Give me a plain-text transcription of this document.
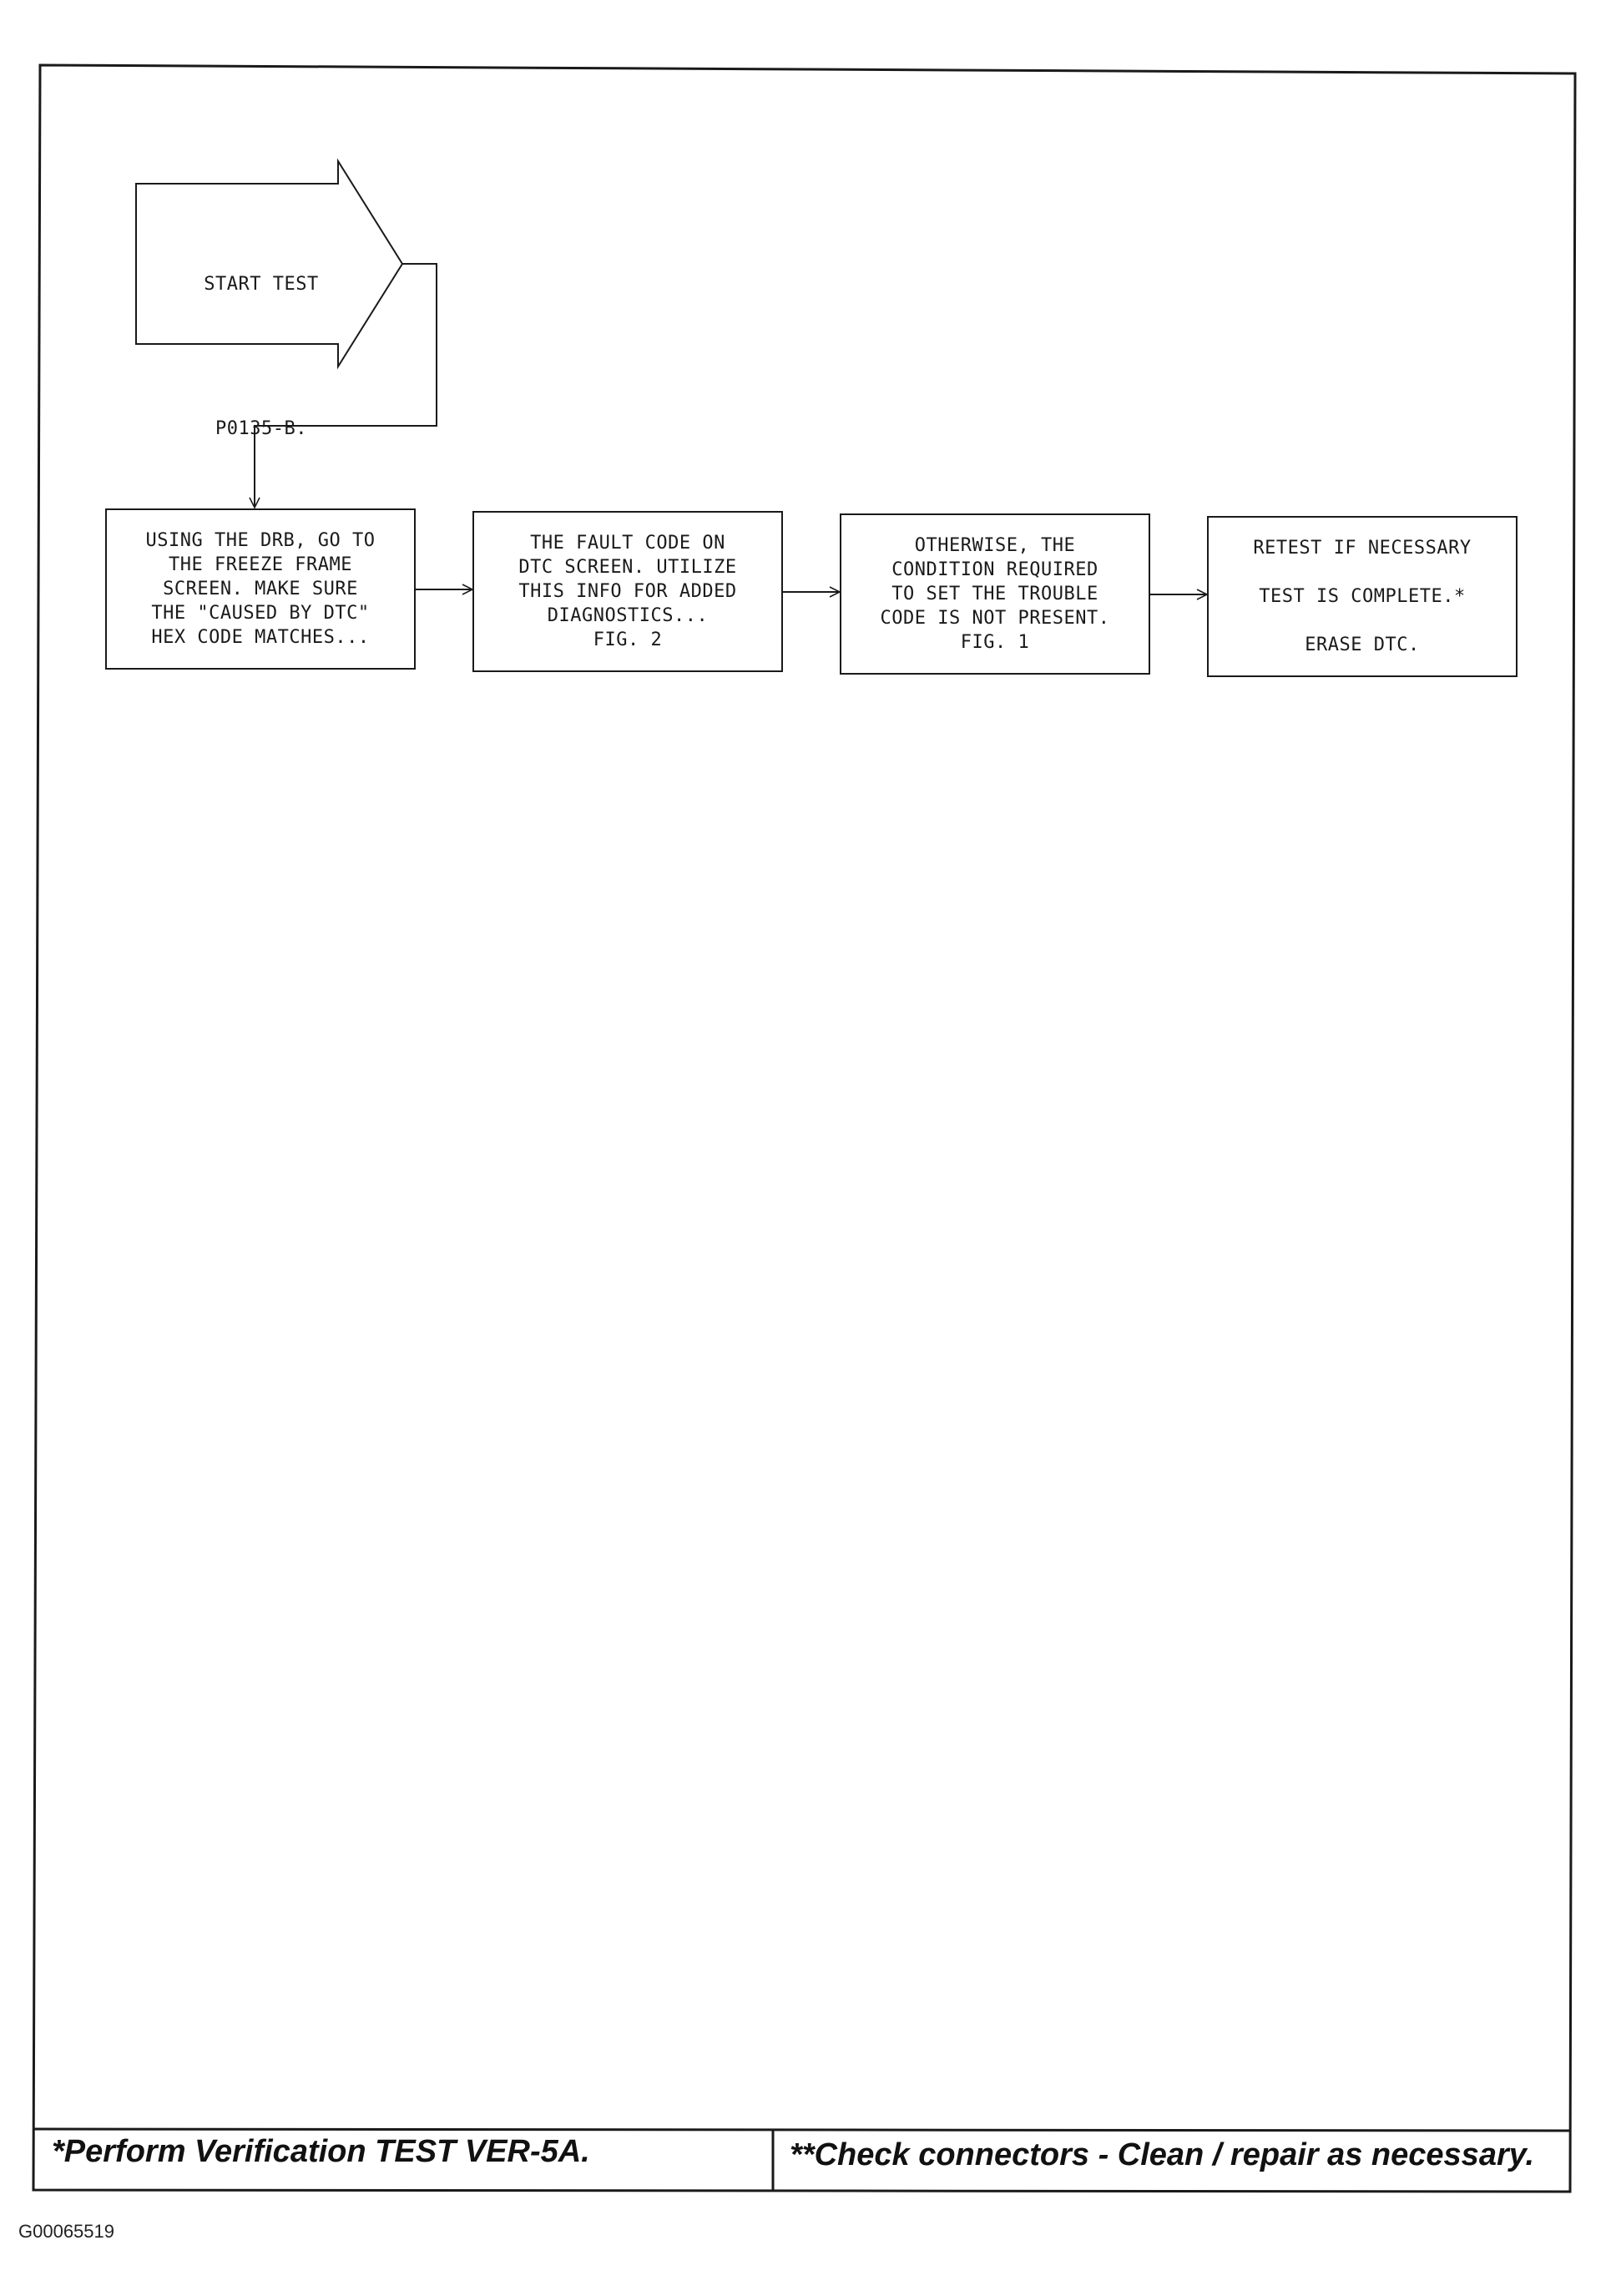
START TEST

P0135-B.

USING THE DRB, GO TO
THE FREEZE FRAME
SCREEN. MAKE SURE
THE "CAUSED BY DTC"
HEX CODE MATCHES...
THE FAULT CODE ON
DTC SCREEN. UTILIZE
THIS INFO FOR ADDED
DIAGNOSTICS...
FIG. 2
OTHERWISE, THE
CONDITION REQUIRED
TO SET THE TROUBLE
CODE IS NOT PRESENT.
FIG. 1
RETEST IF NECESSARY

TEST IS COMPLETE.*

ERASE DTC.
*Perform Verification TEST VER-5A.	**Check connectors - Clean / repair as necessary.
G00065519
